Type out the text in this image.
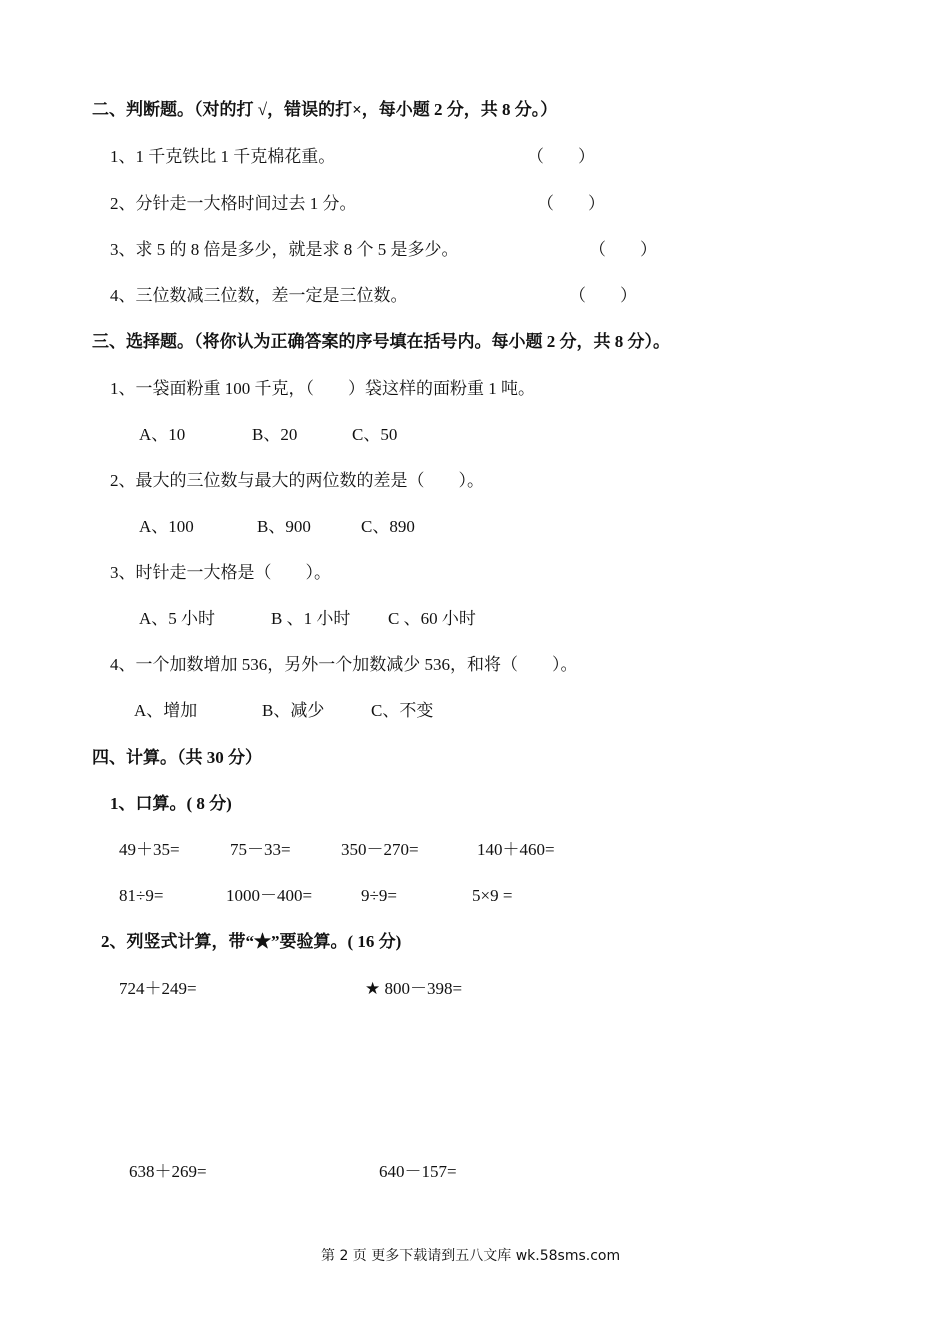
二、判断题。（对的打 √，错误的打×，每小题 2 分，共 8 分。）
1、1 千克铁比 1 千克棉花重。	（　　）
2、分针走一大格时间过去 1 分。	（　　）
3、求 5 的 8 倍是多少，就是求 8 个 5 是多少。	（　　）
4、三位数减三位数，差一定是三位数。	（　　）
三、选择题。（将你认为正确答案的序号填在括号内。每小题 2 分，共 8 分）。
1、一袋面粉重 100 千克，（　　）袋这样的面粉重 1 吨。
A、10	B、20	C、50
2、最大的三位数与最大的两位数的差是（　　）。
A、100	B、900	C、890
3、时针走一大格是（　　）。
A、5 小时	B 、1 小时 C 、60 小时
4、一个加数增加 536，另外一个加数减少 536，和将（　　）。
A、增加	B、减少	C、不变
四、计算。（共 30 分）
1、口算。( 8 分)
49＋35=	75－33=	350－270=	140＋460=
81÷9=	1000－400=	9÷9=	5×9 =
2、列竖式计算，带“★”要验算。( 16 分)
724＋249=	★ 800－398=
638＋269=	640－157=
第 2 页 更多下载请到五八文库 wk.58sms.com
